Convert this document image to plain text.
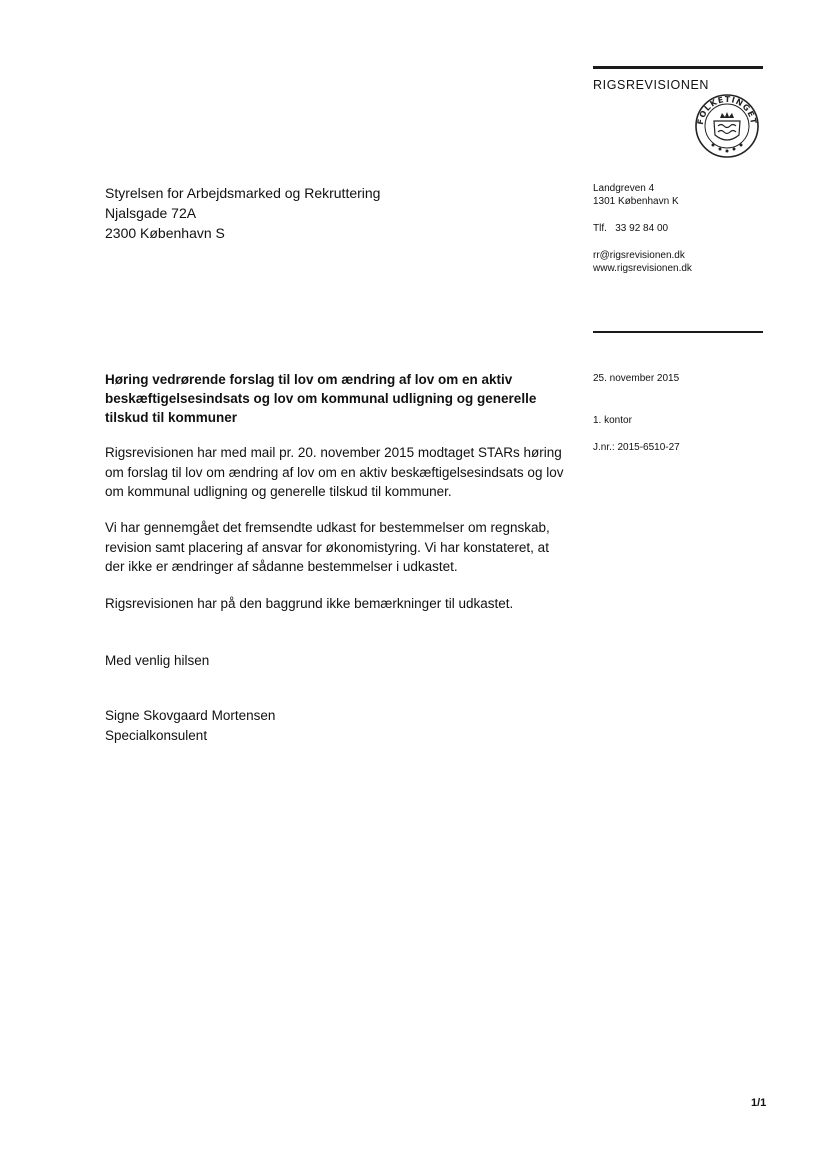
RIGSREVISIONEN
FOLKETINGET
Landgreven 4
1301 København K
Tlf. 33 92 84 00
rr@rigsrevisionen.dk
www.rigsrevisionen.dk
Styrelsen for Arbejdsmarked og Rekruttering
Njalsgade 72A
2300 København S
25. november 2015
1. kontor
J.nr.: 2015-6510-27
Høring vedrørende forslag til lov om ændring af lov om en aktiv beskæftigelsesindsats og lov om kommunal udligning og generelle tilskud til kommuner
Rigsrevisionen har med mail pr. 20. november 2015 modtaget STARs høring om forslag til lov om ændring af lov om en aktiv beskæftigelsesindsats og lov om kommunal udligning og generelle tilskud til kommuner.
Vi har gennemgået det fremsendte udkast for bestemmelser om regnskab, revision samt placering af ansvar for økonomistyring. Vi har konstateret, at der ikke er ændringer af sådanne bestemmelser i udkastet.
Rigsrevisionen har på den baggrund ikke bemærkninger til udkastet.
Med venlig hilsen
Signe Skovgaard Mortensen
Specialkonsulent
1/1
